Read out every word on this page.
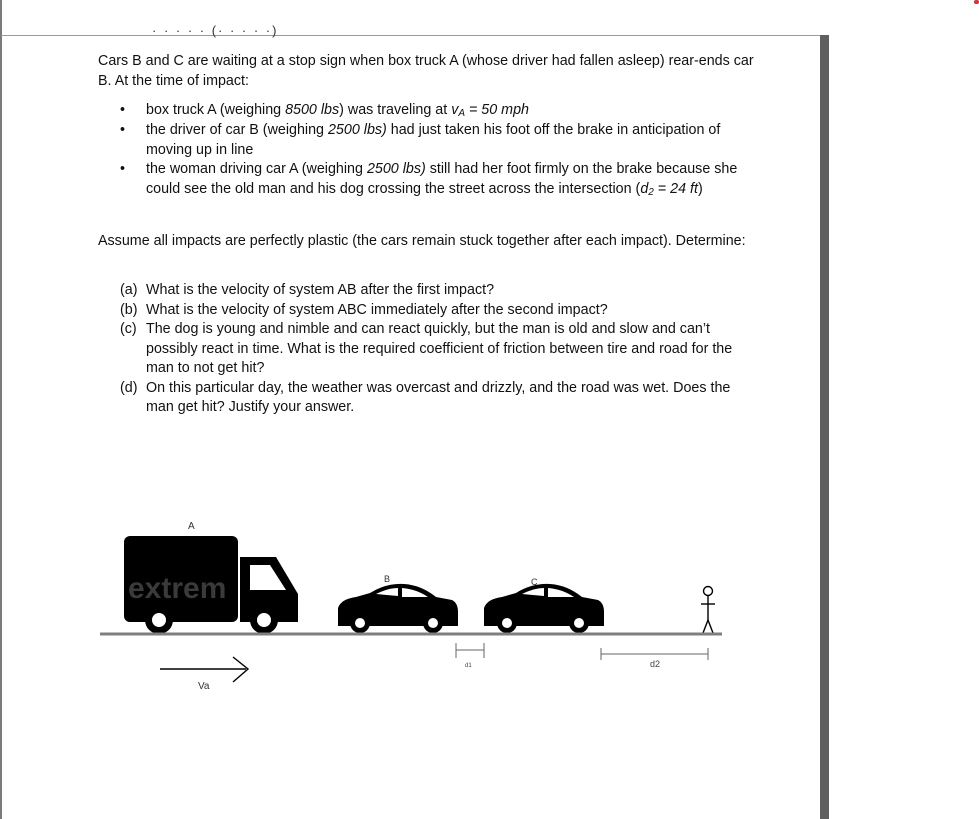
· · · · · (· · · · ·)
Cars B and C are waiting at a stop sign when box truck A (whose driver had fallen asleep) rear-ends car B. At the time of impact:
• box truck A (weighing 8500 lbs) was traveling at $v_A = 50$ mph
• the driver of car B (weighing 2500 lbs) had just taken his foot off the brake in anticipation of moving up in line
• the woman driving car A (weighing 2500 lbs) still had her foot firmly on the brake because she could see the old man and his dog crossing the street across the intersection ($d_2 = 24$ ft)
Assume all impacts are perfectly plastic (the cars remain stuck together after each impact). Determine:
(a) What is the velocity of system AB after the first impact?
(b) What is the velocity of system ABC immediately after the second impact?
(c) The dog is young and nimble and can react quickly, but the man is old and slow and can’t possibly react in time. What is the required coefficient of friction between tire and road for the man to not get hit?
(d) On this particular day, the weather was overcast and drizzly, and the road was wet. Does the man get hit? Justify your answer.
extrem
A
B	C
d1	d2
Va
